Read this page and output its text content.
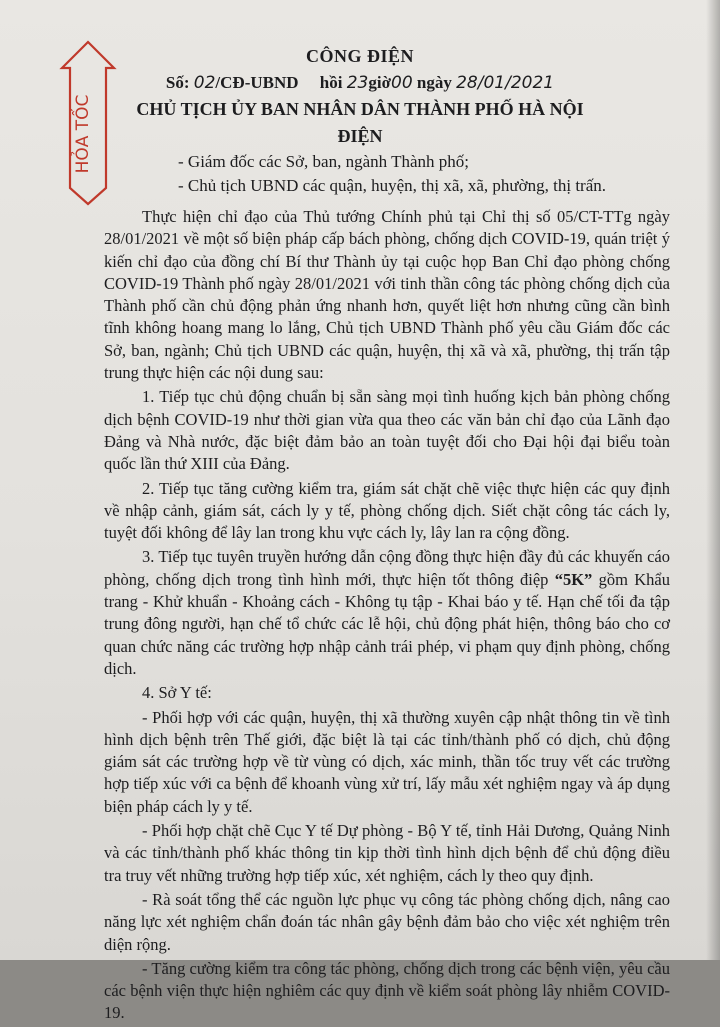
HỎA TỐC
CÔNG ĐIỆN
Số: 02/CĐ-UBND hồi 23giờ00 ngày 28/01/2021
CHỦ TỊCH ỦY BAN NHÂN DÂN THÀNH PHỐ HÀ NỘI
ĐIỆN
- Giám đốc các Sở, ban, ngành Thành phố;
- Chủ tịch UBND các quận, huyện, thị xã, xã, phường, thị trấn.

Thực hiện chỉ đạo của Thủ tướng Chính phủ tại Chỉ thị số 05/CT-TTg ngày 28/01/2021 về một số biện pháp cấp bách phòng, chống dịch COVID-19, quán triệt ý kiến chỉ đạo của đồng chí Bí thư Thành ủy tại cuộc họp Ban Chỉ đạo phòng chống COVID-19 Thành phố ngày 28/01/2021 với tinh thần công tác phòng chống dịch của Thành phố cần chủ động phản ứng nhanh hơn, quyết liệt hơn nhưng cũng cần bình tĩnh không hoang mang lo lắng, Chủ tịch UBND Thành phố yêu cầu Giám đốc các Sở, ban, ngành; Chủ tịch UBND các quận, huyện, thị xã và xã, phường, thị trấn tập trung thực hiện các nội dung sau:

1. Tiếp tục chủ động chuẩn bị sẵn sàng mọi tình huống kịch bản phòng chống dịch bệnh COVID-19 như thời gian vừa qua theo các văn bản chỉ đạo của Lãnh đạo Đảng và Nhà nước, đặc biệt đảm bảo an toàn tuyệt đối cho Đại hội đại biểu toàn quốc lần thứ XIII của Đảng.

2. Tiếp tục tăng cường kiểm tra, giám sát chặt chẽ việc thực hiện các quy định về nhập cảnh, giám sát, cách ly y tế, phòng chống dịch. Siết chặt công tác cách ly, tuyệt đối không để lây lan trong khu vực cách ly, lây lan ra cộng đồng.

3. Tiếp tục tuyên truyền hướng dẫn cộng đồng thực hiện đầy đủ các khuyến cáo phòng, chống dịch trong tình hình mới, thực hiện tốt thông điệp “5K” gồm Khẩu trang - Khử khuẩn - Khoảng cách - Không tụ tập - Khai báo y tế. Hạn chế tối đa tập trung đông người, hạn chế tổ chức các lễ hội, chủ động phát hiện, thông báo cho cơ quan chức năng các trường hợp nhập cảnh trái phép, vi phạm quy định phòng, chống dịch.

4. Sở Y tế:

- Phối hợp với các quận, huyện, thị xã thường xuyên cập nhật thông tin về tình hình dịch bệnh trên Thế giới, đặc biệt là tại các tỉnh/thành phố có dịch, chủ động giám sát các trường hợp về từ vùng có dịch, xác minh, thần tốc truy vết các trường hợp tiếp xúc với ca bệnh để khoanh vùng xử trí, lấy mẫu xét nghiệm ngay và áp dụng biện pháp cách ly y tế.

- Phối hợp chặt chẽ Cục Y tế Dự phòng - Bộ Y tế, tỉnh Hải Dương, Quảng Ninh và các tỉnh/thành phố khác thông tin kịp thời tình hình dịch bệnh để chủ động điều tra truy vết những trường hợp tiếp xúc, xét nghiệm, cách ly theo quy định.

- Rà soát tổng thể các nguồn lực phục vụ công tác phòng chống dịch, nâng cao năng lực xét nghiệm chẩn đoán tác nhân gây bệnh đảm bảo cho việc xét nghiệm trên diện rộng.

- Tăng cường kiểm tra công tác phòng, chống dịch trong các bệnh viện, yêu cầu các bệnh viện thực hiện nghiêm các quy định về kiểm soát phòng lây nhiễm COVID-19.
